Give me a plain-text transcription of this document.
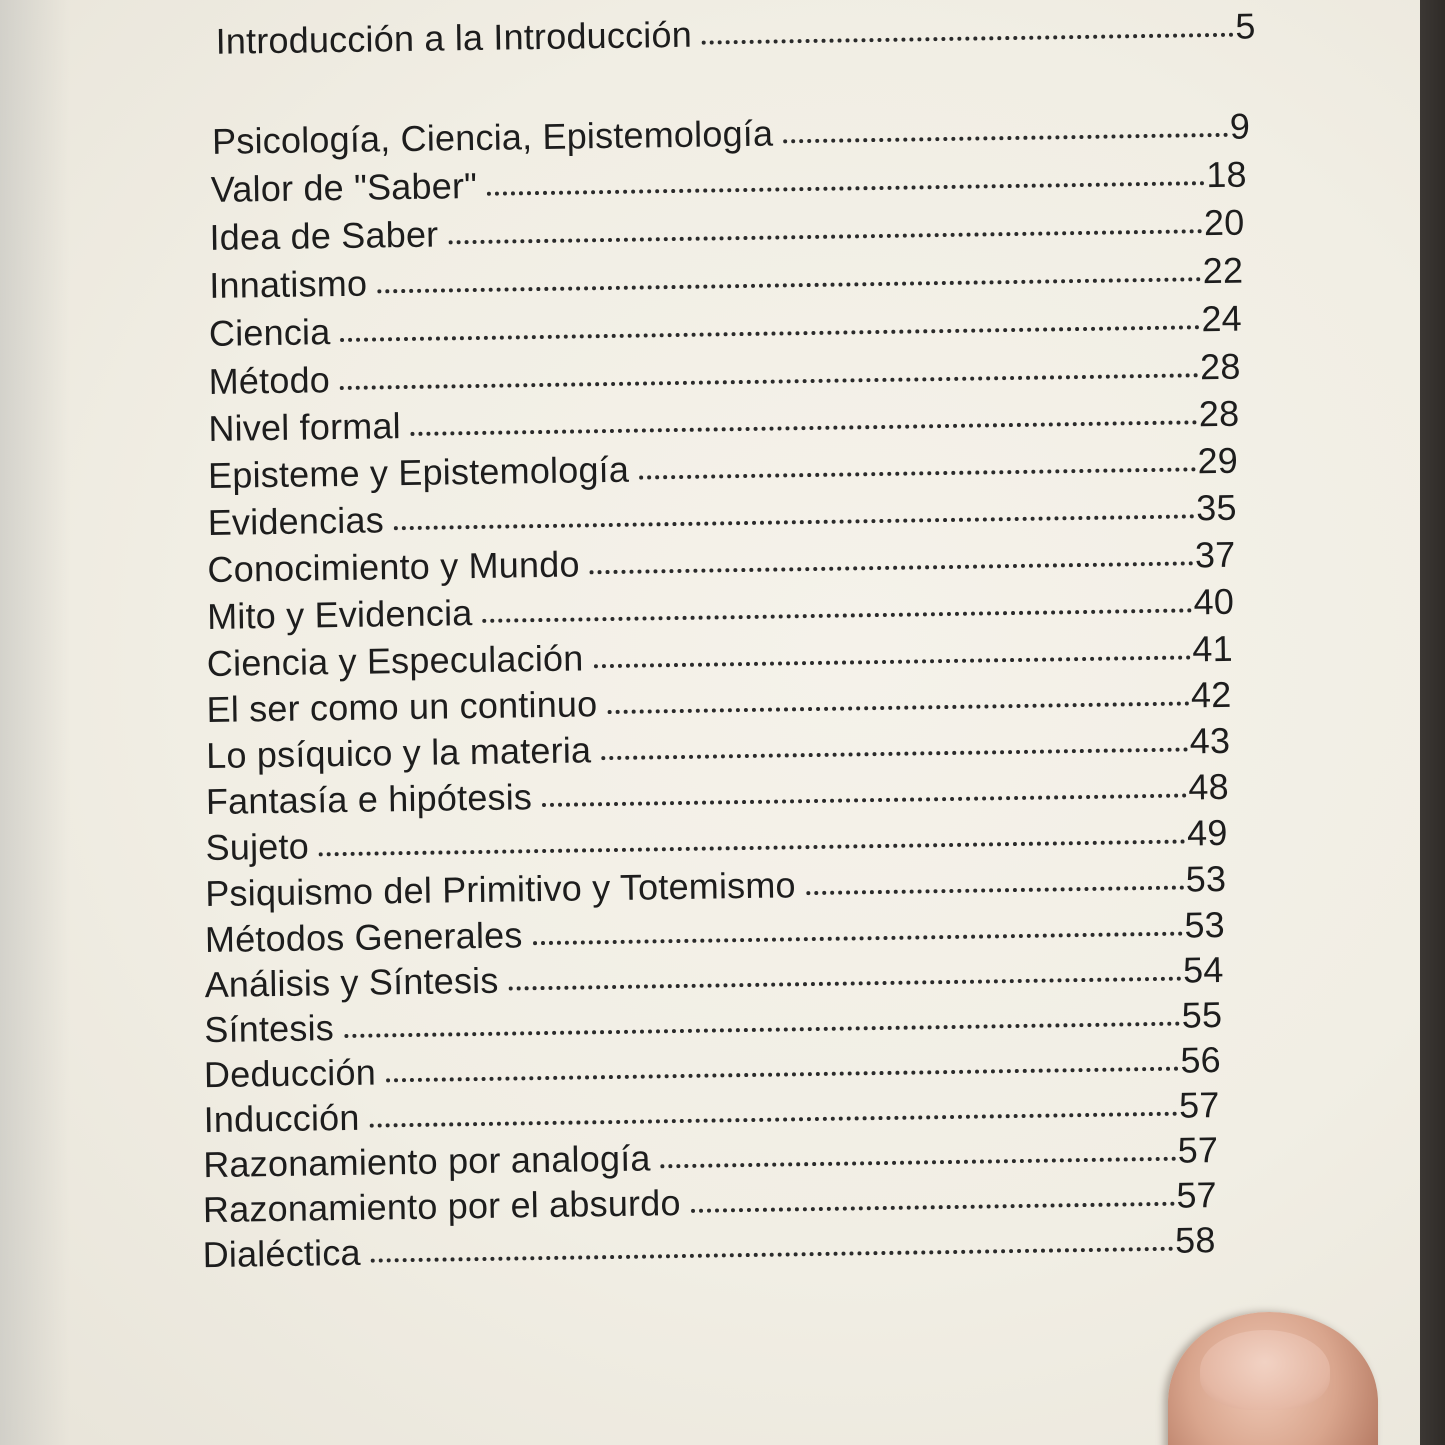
Introducción a la Introducción	5
Psicología, Ciencia, Epistemología	9
Valor de "Saber"	18
Idea de Saber	20
Innatismo	22
Ciencia	24
Método	28
Nivel formal	28
Episteme y Epistemología	29
Evidencias	35
Conocimiento y Mundo	37
Mito y Evidencia	40
Ciencia y Especulación	41
El ser como un continuo	42
Lo psíquico y la materia	43
Fantasía e hipótesis	48
Sujeto	49
Psiquismo del Primitivo y Totemismo	53
Métodos Generales	53
Análisis y Síntesis	54
Síntesis	55
Deducción	56
Inducción	57
Razonamiento por analogía	57
Razonamiento por el absurdo	57
Dialéctica	58
